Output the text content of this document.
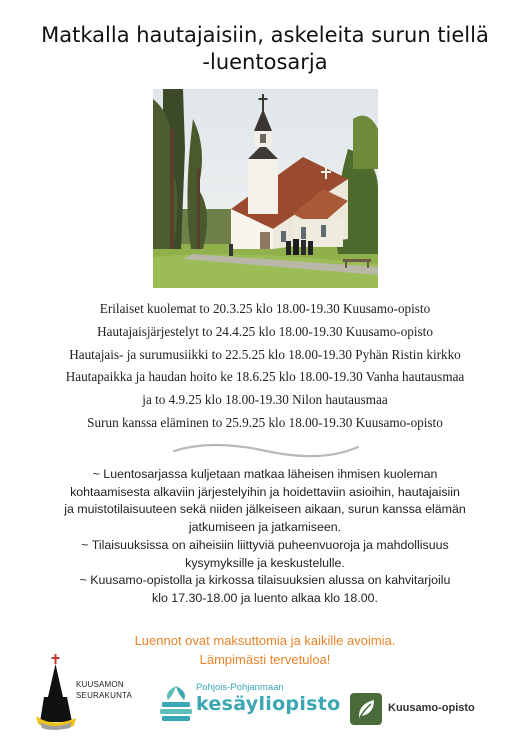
Matkalla hautajaisiin, askeleita surun tiellä
-luentosarja
Erilaiset kuolemat to 20.3.25 klo 18.00-19.30 Kuusamo-opisto
Hautajaisjärjestelyt to 24.4.25 klo 18.00-19.30 Kuusamo-opisto
Hautajais- ja surumusiikki to 22.5.25 klo 18.00-19.30 Pyhän Ristin kirkko
Hautapaikka ja haudan hoito ke 18.6.25 klo 18.00-19.30 Vanha hautausmaa
ja to 4.9.25 klo 18.00-19.30 Nilon hautausmaa
Surun kanssa eläminen to 25.9.25 klo 18.00-19.30 Kuusamo-opisto
~ Luentosarjassa kuljetaan matkaa läheisen ihmisen kuoleman
kohtaamisesta alkaviin järjestelyihin ja hoidettaviin asioihin, hautajaisiin
ja muistotilaisuuteen sekä niiden jälkeiseen aikaan, surun kanssa elämän
jatkumiseen ja jatkamiseen.
~ Tilaisuuksissa on aiheisiin liittyviä puheenvuoroja ja mahdollisuus
kysymyksille ja keskustelulle.
~ Kuusamo-opistolla ja kirkossa tilaisuuksien alussa on kahvitarjoilu
klo 17.30-18.00 ja luento alkaa klo 18.00.
Luennot ovat maksuttomia ja kaikille avoimia.
Lämpimästi tervetuloa!
KUUSAMON
SEURAKUNTA
Pohjois-Pohjanmaan
kesäyliopisto	Kuusamo-opisto
